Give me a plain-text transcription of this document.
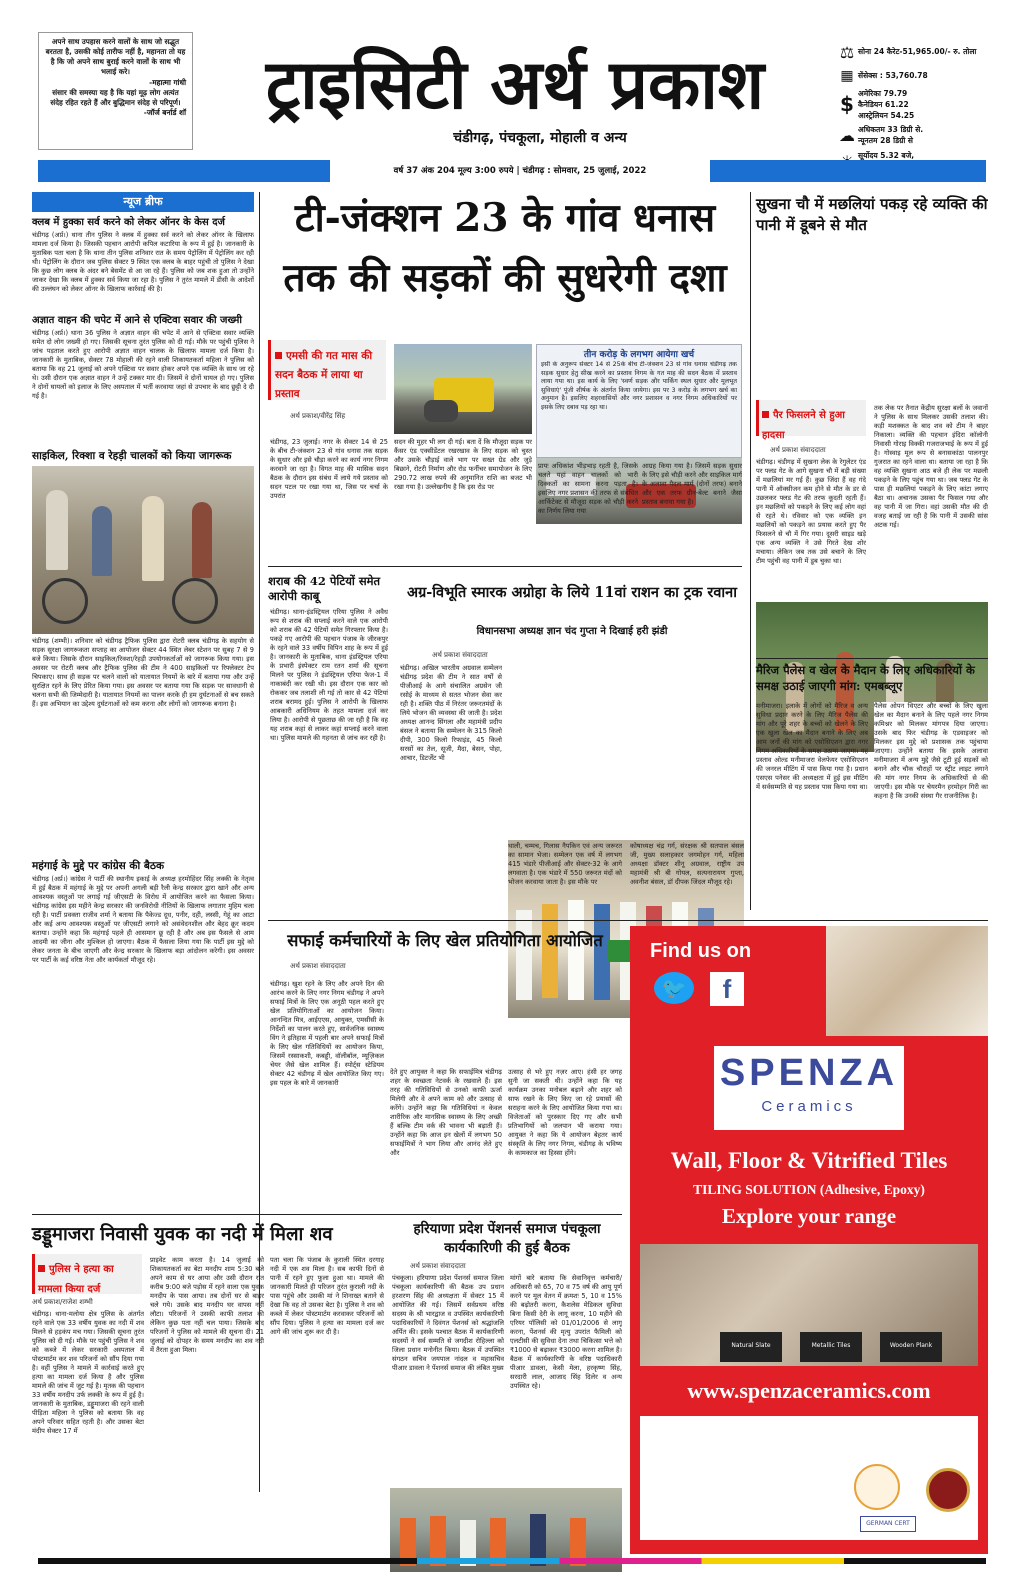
अपने साथ उपहास करने वालों के साथ जो सद्भुत बरतता है, उसकी कोई तारीफ नहीं है, महानता तो यह है कि जो अपने साथ बुराई करने वालों के साथ भी भलाई करे।
-महात्मा गांधी
संसार की समस्या यह है कि यहां मूढ़ लोग अत्यंत संदेह रहित रहते हैं और बुद्धिमान संदेह से परिपूर्ण।
-जॉर्ज बर्नार्ड शॉ	ट्राइसिटी अर्थ प्रकाश
चंडीगढ़, पंचकूला, मोहाली व अन्य
⚖ सोना 24 कैरेट-51,965.00/- रु. तोला
▦ सेंसेक्स : 53,760.78
$ अमेरिका 79.79
कैनेडियन 61.22
आस्ट्रेलियन 54.25
☁ अधिकतम 33 डिग्री से.
न्यूनतम 28 डिग्री से
सूर्योदय 5.32 बजे,
वर्ष 37 अंक 204 मूल्य 3:00 रुपये | चंडीगढ़ : सोमवार, 25 जुलाई, 2022
न्यूज ब्रीफ
क्लब में हुक्का सर्व करने को लेकर ऑनर के केस दर्ज
चंडीगढ़ (अर्प्र।) थाना तीन पुलिस ने क्लब में हुक्का सर्व करने को लेकर ऑनर के खिलाफ मामला दर्ज किया है। जिसकी पहचान आरोपी कपिल कटारिया के रूप में हुई है। जानकारी के मुताबिक पता चला है कि थाना तीन पुलिस शनिवार रात के समय पेट्रोलिंग में पेट्रोलिंग कर रही थी। पेट्रोलिंग के दौरान जब पुलिस सेक्टर 9 स्थित एक क्लब के बाहर पहुंची तो पुलिस ने देखा कि कुछ लोग क्लब के अंदर बने बेसमेंट से आ जा रहे हैं। पुलिस को जब शक हुआ तो उन्होंने जाकर देखा कि क्लब में हुक्का सर्व किया जा रहा है। पुलिस ने तुरंत मामले में डीसी के आदेशों की उल्लंघन को लेकर ऑनर के खिलाफ कार्रवाई की है।
अज्ञात वाहन की चपेट में आने से एक्टिवा सवार की जख्मी
चंडीगढ़ (अर्प्र।) थाना 36 पुलिस ने अज्ञात वाहन की चपेट में आने से एक्टिवा सवार व्यक्ति समेत दो लोग जख्मी हो गए। जिसकी सूचना तुरंत पुलिस को दी गई। मौके पर पहुंची पुलिस ने जांच पड़ताल करते हुए आरोपी अज्ञात वाहन चालक के खिलाफ मामला दर्ज किया है। जानकारी के मुताबिक, सेक्टर 78 मोहाली की रहने वाली शिकायतकर्ता महिला ने पुलिस को बताया कि वह 21 जुलाई को अपने एक्टिवा पर सवार होकर अपने एक व्यक्ति के साथ जा रहे थे। उसी दौरान एक अज्ञात वाहन ने उन्हें टक्कर मार दी। जिसमें वे दोनों घायल हो गए। पुलिस ने दोनों घायलों को इलाज के लिए अस्पताल में भर्ती करवाया जहां से उपचार के बाद छुट्टी दे दी गई है।
साइकिल, रिक्शा व रेहड़ी चालकों को किया जागरूक
चंडीगढ़ (शम्भी)। शनिवार को चंडीगढ़ ट्रैफिक पुलिस द्वारा रोटरी क्लब चंडीगढ़ के सहयोग से सड़क सुरक्षा जागरूकता सप्ताह का आयोजन सेक्टर 44 स्थित लेबर स्टेशन पर सुबह 7 से 9 बजे किया। जिसके दौरान साइकिल/रिक्शा/रेहड़ी उपयोगकर्ताओं को जागरूक किया गया। इस अवसर पर रोटरी क्लब और ट्रैफिक पुलिस की टीम ने 400 साइकिलों पर रिफ्लेक्टर टेप चिपकाए। साथ ही सड़क पर चलने वालों को यातायात नियमों के बारे में बताया गया और उन्हें सुरक्षित रहने के लिए प्रेरित किया गया। इस अवसर पर बताया गया कि सड़क पर सावधानी से चलना सभी की जिम्मेदारी है। यातायात नियमों का पालन करके ही हम दुर्घटनाओं से बच सकते हैं। इस अभियान का उद्देश्य दुर्घटनाओं को कम करना और लोगों को जागरूक बनाना है।
महंगाई के मुद्दे पर कांग्रेस की बैठक
चंडीगढ़ (अर्प्र।) कांग्रेस ने पार्टी की स्थानीय इकाई के अध्यक्ष हरमोहिंदर सिंह लक्की के नेतृत्व में हुई बैठक में महंगाई के मुद्दे पर अपनी अगली बड़ी रैली केन्द्र सरकार द्वारा खाने और अन्य आवश्यक वस्तुओं पर लगाई गई जीएसटी के विरोध में आयोजित करने का फैसला किया। चंडीगढ़ कांग्रेस इस महीने केन्द्र सरकार की जनविरोधी नीतियों के खिलाफ लगातार मुहिम चला रही है। पार्टी प्रवक्ता राजीव शर्मा ने बताया कि पैकेज्ड दूध, पनीर, दही, लस्सी, गेहूं का आटा और कई अन्य आवश्यक वस्तुओं पर जीएसटी लगाने को असंवेदनशील और बेहद क्रूर कदम बताया। उन्होंने कहा कि महंगाई पहले ही आसमान छू रही है और अब इस फैसले से आम आदमी का जीना और मुश्किल हो जाएगा। बैठक में फैसला लिया गया कि पार्टी इस मुद्दे को लेकर जनता के बीच जाएगी और केन्द्र सरकार के खिलाफ बड़ा आंदोलन करेगी। इस अवसर पर पार्टी के कई वरिष्ठ नेता और कार्यकर्ता मौजूद रहे।
टी-जंक्शन 23 के गांव धनास तक की सड़कों की सुधरेगी दशा
एमसी की गत मास की सदन बैठक में लाया था प्रस्ताव
अर्थ प्रकाश/वीरेंद्र सिंह
तीन करोड़ के लगभग आयेगा खर्च
इसी के अनुरूप सेक्टर 14 से 25के बीच टी-जंक्शन 23 से गांव धनास चंडीगढ़ तक सड़क सुधार हेतु सीख करने का प्रस्ताव निगम के गत माह की सदन बैठक में प्रस्ताव लाया गया था। इस कार्य के लिए 'स्वर्ण सड़क और पार्किंग स्थल सुधार और मूलभूत सुविधाएं' पूंजी शीर्षक के अंतर्गत किया जायेगा। इस पर 3 करोड़ के लगभग खर्च का अनुमान है। इसलिए शहरवासियों और नगर प्रशासन व नगर निगम अधिकारियों पर इसके लिए दबाव पड़ रहा था।
चंडीगढ़, 23 जुलाई। नगर के सेक्टर 14 से 25 के बीच टी-जंक्शन 23 से गांव धनास तक सड़क के सुधार और इसे चौड़ा करने का कार्य नगर निगम करवाने जा रहा है। विगत माह की मासिक सदन बैठक के दौरान इस संबंध में लाये गये प्रस्ताव को सदन पटल पर रखा गया था, जिस पर चर्चा के उपरांत
सदन की मुहर भी लग दी गई। बता दें कि मौजूदा सड़क पर कैंसर एंड एक्सीडेंटल रखरखाव के लिए सड़क को चुस्त और उसके चौड़ाई वाले भाग पर सख्त ग्रेड और जुड़े बिछाने, रोटरी निर्माण और रोड फर्नीचर समायोजन के लिए 290.72 लाख रुपये की अनुमानित राशि का बजट भी रखा गया है। उल्लेखनीय है कि इस रोड पर
प्रायः अधिकांश भीड़भाड़ रहती है, जिसके चलते यहां वाहन चालकों को भारी दिक्कतों का सामना करना पड़ता है। इसलिए नगर प्रशासन की तरफ से संबंधित आर्किटेक्ट से मौजूदा सड़क को चौड़ी करने का निर्णय लिया गया
आग्रह किया गया है। जिसमें सड़क सुधार के लिए इसे चौड़ी करने और साइकिल मार्ग के अलावा पैदल मार्ग (दोनों तरफ) बनाने और एक तरफ ग्रीन-बेल्ट बनाने जैसा प्रस्ताव बनाया गया है।
शराब की 42 पेटियों समेत आरोपी काबू
चंडीगढ़। थाना-इंडस्ट्रियल एरिया पुलिस ने अवैध रूप से शराब की सप्लाई करने वाले एक आरोपी को शराब की 42 पेटियों समेत गिरफ्तार किया है। पकड़े गए आरोपी की पहचान पंजाब के जीरकपुर के रहने वाले 33 वर्षीय विपिन शाह के रूप में हुई है। जानकारी के मुताबिक, थाना इंडस्ट्रियल एरिया के प्रभारी इंस्पेक्टर राम रतन शर्मा की सूचना मिलने पर पुलिस ने इंडस्ट्रियल एरिया फेज-1 में नाकाबंदी कर रखी थी। इस दौरान एक कार को रोककर जब तलाशी ली गई तो कार से 42 पेटियां शराब बरामद हुई। पुलिस ने आरोपी के खिलाफ आबकारी अधिनियम के तहत मामला दर्ज कर लिया है। आरोपी से पूछताछ की जा रही है कि वह यह शराब कहां से लाकर कहां सप्लाई करने वाला था। पुलिस मामले की गहनता से जांच कर रही है।
अग्र-विभूति स्मारक अग्रोहा के लिये 11वां राशन का ट्रक रवाना
विधानसभा अध्यक्ष ज्ञान चंद गुप्ता ने दिखाई हरी झंडी
अर्थ प्रकाश संवाददाता
चंडीगढ़। अखिल भारतीय अग्रवाल सम्मेलन चंडीगढ़ प्रदेश की टीम ने सात वर्षों से पीजीआई के आगे संचालित अग्रसेन जी रसोई के माध्यम से सतत भोजन सेवा कर रही है। शक्ति पीठ में निरंतर जरूरतमंदों के लिये भोजन की व्यवस्था की जाती है। प्रदेश अध्यक्ष आनन्द सिंगला और महामंत्री प्रदीप बंसल ने बताया कि सम्मेलन के 315 किलो दीपी, 300 किलो रिफाइंड, 45 किलो सरसों का तेल, सूजी, मैदा, बेसन, पोहा, आचार, डिटर्जेंट भी
थाली, चम्मच, गिलास नैपकिन एवं अन्य जरूरत का सामान भेजा। सम्मेलन एक वर्ष में लगभग 415 भंडारे पीजीआई और सेक्टर-32 के आगे लगवाता है। एक भंडारे में 550 जरूरत मंदों को भोजन करवाया जाता है। इस मौके पर
कोषाध्यक्ष चंद्र गर्ग, संरक्षक श्री सतपाल बंसल जी, मुख्य सलाहकार जगमोहन गर्ग, महिला अध्यक्षा डॉक्टर शीनू अग्रवाल, राष्ट्रीय उप महामंत्री श्री बी गोयल, सत्यनारायण गुप्ता, अवनीश बंसल, डॉ दीपक जिंदल मौजूद रहे।
सुखना चौ में मछलियां पकड़ रहे व्यक्ति की पानी में डूबने से मौत
पैर फिसलने से हुआ हादसा
अर्थ प्रकाश संवाददाता
चंडीगढ़। चंडीगढ़ में सुखना लेक के रेगुलेटर एंड पर फ्लड गेट के आगे सुखना चौ में बड़ी संख्या में मछलियां मर गई हैं। कुछ जिंदा हैं वह गंदे पानी में ऑक्सीजन कम होने से मौत के डर से उछलकर फ्लड गेट की तरफ कूदती रहती हैं। इन मछलियों को पकड़ने के लिए कई लोग वहां से रहते थे। रविवार को एक व्यक्ति इन मछलियों को पकड़ने का प्रयास करते हुए पैर फिसलने से चौ में गिर गया। दूसरी साइड खड़े एक अन्य व्यक्ति ने उसे गिरते देख शोर मचाया। लेकिन जब तक उसे बचाने के लिए टीम पहुंची वह पानी में डूब चुका था।
तक लेक पर तैनात केंद्रीय सुरक्षा बलों के जवानों ने पुलिस के साथ मिलकर उसकी तलाश की। कड़ी मशक्कत के बाद शव को टीम ने बाहर निकाला। व्यक्ति की पहचान इंदिरा कॉलोनी निवासी गोराइ विक्की गजराजभाई के रूप में हुई है। गोस्वाइ मूल रूप से बनासकांठा पालनपुर गुजरात का रहने वाला था। बताया जा रहा है कि वह व्यक्ति सुखना आठ बजे ही लेक पर मछली पकड़ने के लिए पहुंच गया था। जब फ्लड गेट के पास ही मछलियां पकड़ने के लिए कांटा लगाए बैठा था। अचानक उसका पैर फिसल गया और वह पानी में जा गिरा। वहां उसकी मौत की दी वजह बताई जा रही है कि पानी में उसकी सांस अटक गई।
मैरिज पैलेस व खेल के मैदान के लिए अधिकारियों के समक्ष उठाई जाएगी मांग: एमबब्लूए
मनीमाजरा। इलाके में लोगों को मैरिज व अन्य सुविधा प्रदान करने के लिए मैरिज पैलेस की मांग और पूरे शहर के बच्चों को खेलने के लिए एक खुला खेल का मैदान बनाने के लिए अब आम जनों की मांग को एसोसिएशन द्वारा नगर निगम अधिकारियों के समक्ष उठाया जाएगा। यह प्रस्ताव ओल्ड मनीमाजरा वेलफेयर एसोसिएशन की जनरल मीटिंग में पास किया गया है। प्रधान एसएस पनेसर की अध्यक्षता में हुई इस मीटिंग में सर्वसम्मति से यह प्रस्ताव पास किया गया था।
पैलेस ओपन थिएटर और बच्चों के लिए खुला खेल का मैदान बनाने के लिए पहले नगर निगम कमिश्नर को मिलकर मांगपत्र दिया जाएगा। उसके बाद फिर चंडीगढ़ के एडवाइजर को मिलकर इस मुद्दे को प्रशासक तक पहुंचाया जाएगा। उन्होंने बताया कि इसके अलावा मनीमाजरा में अन्य मुद्दे जैसे टूटी हुई सड़कों को बनाने और चौक चौराहों पर स्ट्रीट लाइट लगाने की मांग नगर निगम के अधिकारियों से की जाएगी। इस मौके पर चेयरमैन हरमोहन गिरी का कहना है कि उनकी संस्था गैर राजनीतिक है।
सफाई कर्मचारियों के लिए खेल प्रतियोगिता आयोजित
अर्थ प्रकाश संवाददाता
चंडीगढ़। खुश रहने के लिए और अपने दिन की आरंभ करने के लिए नगर निगम चंडीगढ़ ने अपने सफाई मित्रों के लिए एक अनूठी पहल करते हुए खेल प्रतियोगिताओं का आयोजन किया। आनन्दित मित्र, आईएएस, आयुक्त, एमसीसी के निर्देशों का पालन करते हुए, सार्वजनिक स्वास्थ्य विंग ने इतिहास में पहली बार अपने सफाई मित्रों के लिए खेल गतिविधियों का आयोजन किया, जिसमें रस्साकशी, कबड्डी, वॉलीबॉल, म्यूज़िकल चेयर जैसे खेल शामिल हैं। स्पोर्ट्स स्टेडियम सेक्टर 42 चंडीगढ़ में खेल आयोजित किए गए। इस पहल के बारे में जानकारी
देते हुए आयुक्त ने कहा कि सफाईमित्र चंडीगढ़ शहर के स्वच्छता नेटवर्क के रखवाले हैं। इस तरह की गतिविधियों से उनको काफी ऊर्जा मिलेगी और वे अपने काम को और उत्साह से करेंगे। उन्होंने कहा कि गतिविधियां न केवल शारीरिक और मानसिक स्वास्थ्य के लिए अच्छी हैं बल्कि टीम वर्क की भावना भी बढ़ाती हैं। उन्होंने कहा कि आज इन खेलों में लगभग 50 सफाईमित्रों ने भाग लिया और आनंद लेते हुए और
उत्साह से भरे हुए नज़र आए। हंसी हर जगह सुनी जा सकती थी। उन्होंने कहा कि यह कार्यक्रम उनका मनोबल बढ़ाने और शहर को साफ रखने के लिए किए जा रहे प्रयासों की सराहना करने के लिए आयोजित किया गया था। विजेताओं को पुरस्कार दिए गए और सभी प्रतिभागियों को जलपान भी कराया गया। आयुक्त ने कहा कि ये आयोजन बेहतर कार्य संस्कृति के लिए नगर निगम, चंडीगढ़ के भविष्य के कामकाज का हिस्सा होंगे।
डड्डूमाजरा निवासी युवक का नदी में मिला शव
पुलिस ने हत्या का मामला किया दर्ज
अर्थ प्रकाश/राजेश शम्भी
चंडीगढ़। थाना-मलोया क्षेत्र पुलिस के अंतर्गत रहने वाले एक 33 वर्षीय युवक का नदी में शव मिलने से हड़कंप मच गया। जिसकी सूचना तुरंत पुलिस को दी गई। मौके पर पहुंची पुलिस ने शव को कब्जे में लेकर सरकारी अस्पताल में पोस्टमार्टम कर शव परिजनों को सौंप दिया गया है। वहीं पुलिस ने मामले में कार्रवाई करते हुए हत्या का मामला दर्ज किया है और पुलिस मामले की जांच में जुट गई है। मृतक की पहचान 33 वर्षीय मनदीप उर्फ लक्की के रूप में हुई है। जानकारी के मुताबिक, डड्डूमाजरा की रहने वाली पीड़िता महिला ने पुलिस को बताया कि वह अपने परिवार सहित रहती है। और उसका बेटा मंदीप सेक्टर 17 में
प्राइवेट काम करता है। 14 जुलाई को शिकायतकर्ता का बेटा मनदीप शाम 5:30 बजे अपने काम से घर आया और उसी दौरान रात करीब 9:00 बजे पड़ोस में रहने वाला एक युवक मनदीप के पास आया। तब दोनों घर से बाहर चले गये। उसके बाद मनदीप घर वापस नहीं लौटा। परिजनों ने उसकी काफी तलाश की लेकिन कुछ पता नहीं चल पाया। जिसके बाद परिजनों ने पुलिस को मामले की सूचना दी। 21 जुलाई को दोपहर के समय मनदीप का शव नदी में तैरता हुआ मिला।
पता चला कि पंजाब के कुराली स्थित दरगाह नदी में एक शव मिला है। सब काफी दिनों से पानी में रहने हुए फूला हुआ था। मामले की जानकारी मिलते ही परिजन तुरंत कुराली नदी के पास पहुंचे और उसकी मां ने शिनाख्त बताने से देखा कि वह तो उसका बेटा है। पुलिस ने शव को कब्जे में लेकर पोस्टमार्टम करवाकर परिजनों को सौंप दिया। पुलिस ने हत्या का मामला दर्ज कर आगे की जांच शुरू कर दी है।
हरियाणा प्रदेश पेंशनर्स समाज पंचकूला कार्यकारिणी की हुई बैठक
अर्थ प्रकाश संवाददाता
पंचकूला। हरियाणा प्रदेश पेंशनर्स समाज जिला पंचकूला कार्यकारिणी की बैठक उप प्रधान हरशरण सिंह की अध्यक्षता में सेक्टर 15 में आयोजित की गई। जिसमें सर्वप्रथम वरिष्ठ सदस्य के श्री भारद्वाज व उपस्थित कार्यकारिणी पदाधिकारियों ने दिवंगत पेंशनर्स को श्रद्धांजलि अर्पित की। इसके पश्चात बैठक में कार्यकारिणी सदस्यों ने सर्व सम्मति से जगदीश रोहिल्ला को जिला प्रधान मनोनीत किया। बैठक में उपस्थित संगठन सचिव जयपाल नांदल व महासचिव पीआर डावला ने पेंशनर्स समाज की लंबित मुख्य
मांगों बारे बताया कि सेवानिवृत्त कर्मचारी/अधिकारी को 65, 70 व 75 वर्ष की आयु पूर्ण करने पर मूल वेतन में क्रमशः 5, 10 व 15% की बढ़ोतरी करना, कैशलेस मेडिकल सुविधा बिना किसी देरी के लागू करना, 10 महीने की एरियर पॉलिसी को 01/01/2006 से लागू करना, पेंशनर्स की मृत्यु उपरांत फैमिली को एलटीसी की सुविधा देना तथा चिकित्सा भत्ते को ₹1000 से बढ़ाकर ₹3000 करना शामिल है। बैठक में कार्यकारिणी के वरिष्ठ पदाधिकारी पीआर डावला, केसी मेला, हरकृष्ण सिंह, सरदारी लाल, आजाद सिंह दिलेर व अन्य उपस्थित रहे।
Find us on
🐦	f
SPENZA
Ceramics
Wall, Floor & Vitrified Tiles
TILING SOLUTION (Adhesive, Epoxy)
Explore your range
Natural Slate	Metallic Tiles	Wooden Plank
www.spenzaceramics.com
GERMAN CERT
